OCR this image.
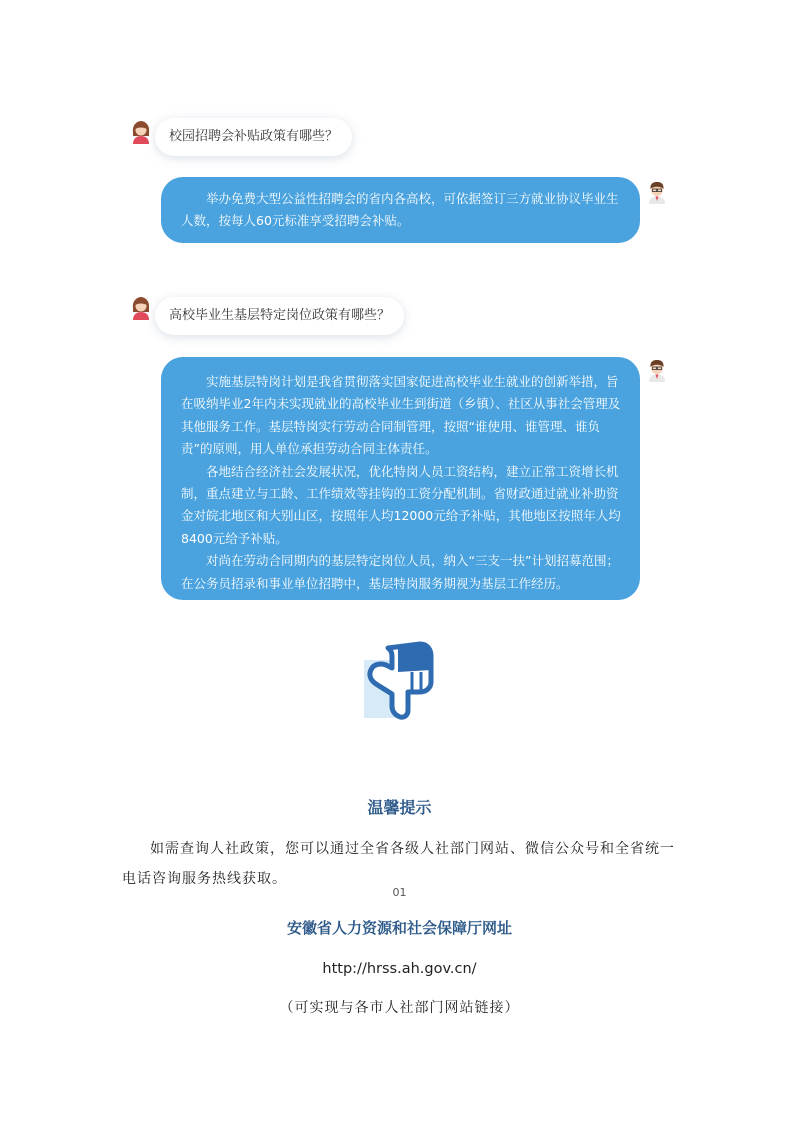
校园招聘会补贴政策有哪些？

举办免费大型公益性招聘会的省内各高校，可依据签订三方就业协议毕业生人数，按每人60元标准享受招聘会补贴。

高校毕业生基层特定岗位政策有哪些？

实施基层特岗计划是我省贯彻落实国家促进高校毕业生就业的创新举措，旨在吸纳毕业2年内未实现就业的高校毕业生到街道（乡镇）、社区从事社会管理及其他服务工作。基层特岗实行劳动合同制管理，按照“谁使用、谁管理、谁负责”的原则，用人单位承担劳动合同主体责任。

各地结合经济社会发展状况，优化特岗人员工资结构，建立正常工资增长机制，重点建立与工龄、工作绩效等挂钩的工资分配机制。省财政通过就业补助资金对皖北地区和大别山区，按照年人均12000元给予补贴，其他地区按照年人均8400元给予补贴。

对尚在劳动合同期内的基层特定岗位人员，纳入“三支一扶”计划招募范围；在公务员招录和事业单位招聘中，基层特岗服务期视为基层工作经历。

温馨提示
如需查询人社政策，您可以通过全省各级人社部门网站、微信公众号和全省统一电话咨询服务热线获取。
01
安徽省人力资源和社会保障厅网址
http://hrss.ah.gov.cn/
（可实现与各市人社部门网站链接）
